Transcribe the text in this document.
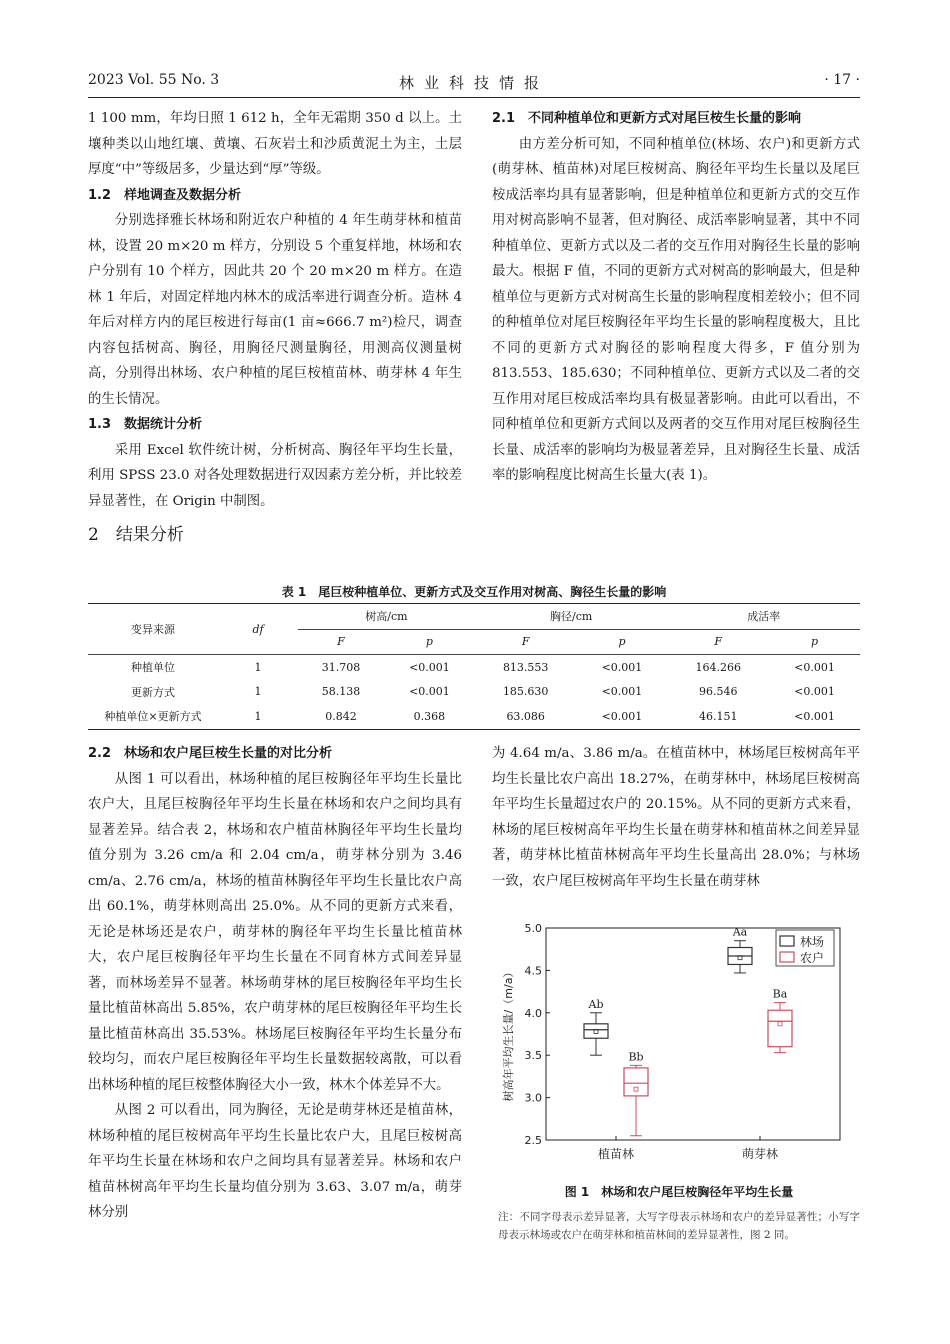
2023 Vol. 55 No. 3	林业科技情报	· 17 ·

1 100 mm，年均日照 1 612 h，全年无霜期 350 d 以上。土壤种类以山地红壤、黄壤、石灰岩土和沙质黄泥土为主，土层厚度“中”等级居多，少量达到“厚”等级。

1.2　样地调查及数据分析

分别选择雅长林场和附近农户种植的 4 年生萌芽林和植苗林，设置 20 m×20 m 样方，分别设 5 个重复样地，林场和农户分别有 10 个样方，因此共 20 个 20 m×20 m 样方。在造林 1 年后，对固定样地内林木的成活率进行调查分析。造林 4 年后对样方内的尾巨桉进行每亩(1 亩≈666.7 m²)检尺，调查内容包括树高、胸径，用胸径尺测量胸径，用测高仪测量树高，分别得出林场、农户种植的尾巨桉植苗林、萌芽林 4 年生的生长情况。

1.3　数据统计分析

采用 Excel 软件统计树，分析树高、胸径年平均生长量，利用 SPSS 23.0 对各处理数据进行双因素方差分析，并比较差异显著性，在 Origin 中制图。

2　结果分析

2.1　不同种植单位和更新方式对尾巨桉生长量的影响

由方差分析可知，不同种植单位(林场、农户)和更新方式(萌芽林、植苗林)对尾巨桉树高、胸径年平均生长量以及尾巨桉成活率均具有显著影响，但是种植单位和更新方式的交互作用对树高影响不显著，但对胸径、成活率影响显著，其中不同种植单位、更新方式以及二者的交互作用对胸径生长量的影响最大。根据 F 值，不同的更新方式对树高的影响最大，但是种植单位与更新方式对树高生长量的影响程度相差较小；但不同的种植单位对尾巨桉胸径年平均生长量的影响程度极大，且比不同的更新方式对胸径的影响程度大得多，F 值分别为 813.553、185.630；不同种植单位、更新方式以及二者的交互作用对尾巨桉成活率均具有极显著影响。由此可以看出，不同种植单位和更新方式间以及两者的交互作用对尾巨桉胸径生长量、成活率的影响均为极显著差异，且对胸径生长量、成活率的影响程度比树高生长量大(表 1)。

表 1　尾巨桉种植单位、更新方式及交互作用对树高、胸径生长量的影响
变异来源	df	树高/cm		胸径/cm		成活率	
		F	p	F	p	F	p
种植单位	1	31.708	<0.001	813.553	<0.001	164.266	<0.001
更新方式	1	58.138	<0.001	185.630	<0.001	96.546	<0.001
种植单位×更新方式	1	0.842	0.368	63.086	<0.001	46.151	<0.001

2.2　林场和农户尾巨桉生长量的对比分析

从图 1 可以看出，林场种植的尾巨桉胸径年平均生长量比农户大，且尾巨桉胸径年平均生长量在林场和农户之间均具有显著差异。结合表 2，林场和农户植苗林胸径年平均生长量均值分别为 3.26 cm/a 和 2.04 cm/a，萌芽林分别为 3.46 cm/a、2.76 cm/a，林场的植苗林胸径年平均生长量比农户高出 60.1%，萌芽林则高出 25.0%。从不同的更新方式来看，无论是林场还是农户，萌芽林的胸径年平均生长量比植苗林大，农户尾巨桉胸径年平均生长量在不同育林方式间差异显著，而林场差异不显著。林场萌芽林的尾巨桉胸径年平均生长量比植苗林高出 5.85%，农户萌芽林的尾巨桉胸径年平均生长量比植苗林高出 35.53%。林场尾巨桉胸径年平均生长量分布较均匀，而农户尾巨桉胸径年平均生长量数据较离散，可以看出林场种植的尾巨桉整体胸径大小一致，林木个体差异不大。

从图 2 可以看出，同为胸径，无论是萌芽林还是植苗林，林场种植的尾巨桉树高年平均生长量比农户大，且尾巨桉树高年平均生长量在林场和农户之间均具有显著差异。林场和农户植苗林树高年平均生长量均值分别为 3.63、3.07 m/a，萌芽林分别

为 4.64 m/a、3.86 m/a。在植苗林中，林场尾巨桉树高年平均生长量比农户高出 18.27%，在萌芽林中，林场尾巨桉树高年平均生长量超过农户的 20.15%。从不同的更新方式来看，林场的尾巨桉树高年平均生长量在萌芽林和植苗林之间差异显著，萌芽林比植苗林树高年平均生长量高出 28.0%；与林场一致，农户尾巨桉树高年平均生长量在萌芽林

2.5
3.0
3.5
4.0
4.5
5.0
树高年平均生长量/（m/a）
植苗林	萌芽林
Ab
Aa
Bb
Ba
林场
农户
图 1　林场和农户尾巨桉胸径年平均生长量
注：不同字母表示差异显著，大写字母表示林场和农户的差异显著性；小写字母表示林场或农户在萌芽林和植苗林间的差异显著性，图 2 同。
